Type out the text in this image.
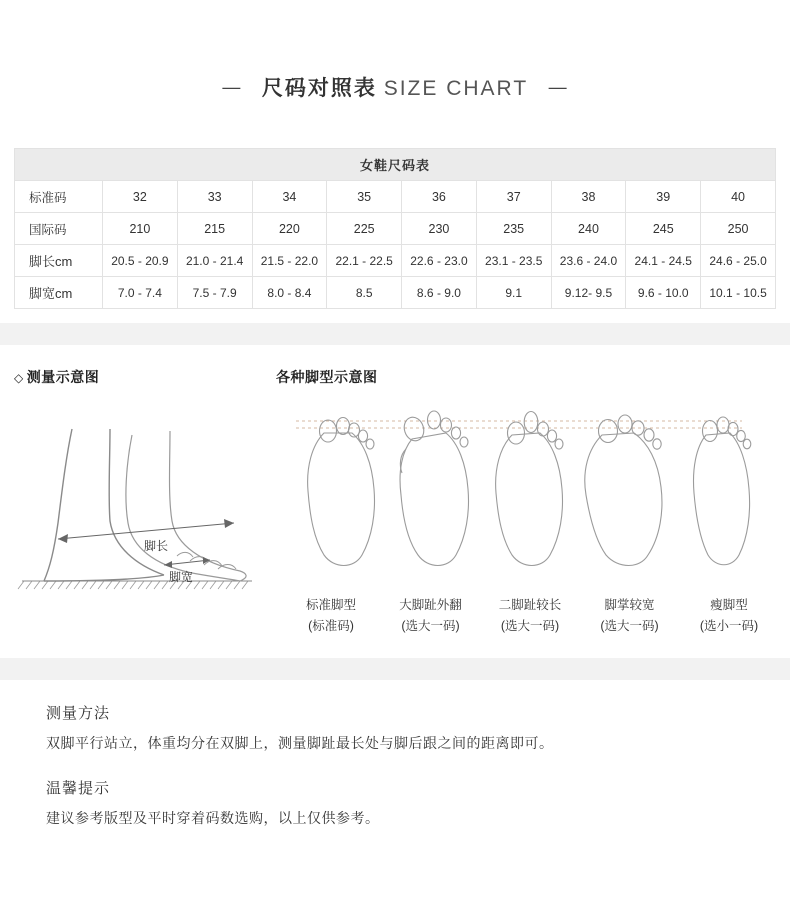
— 尺码对照表 SIZE CHART —
女鞋尺码表									
标准码	32	33	34	35	36	37	38	39	40
国际码	210	215	220	225	230	235	240	245	250
脚长cm	20.5 - 20.9	21.0 - 21.4	21.5 - 22.0	22.1 - 22.5	22.6 - 23.0	23.1 - 23.5	23.6 - 24.0	24.1 - 24.5	24.6 - 25.0
脚宽cm	7.0 - 7.4	7.5 - 7.9	8.0 - 8.4	8.5	8.6 - 9.0	9.1	9.12- 9.5	9.6 - 10.0	10.1 - 10.5
◇ 测量示意图	各种脚型示意图
脚长
脚宽
标准脚型
(标准码)
大脚趾外翻
(选大一码)
二脚趾较长
(选大一码)
脚掌较宽
(选大一码)
瘦脚型
(选小一码)
测量方法
双脚平行站立，体重均分在双脚上，测量脚趾最长处与脚后跟之间的距离即可。
温馨提示
建议参考版型及平时穿着码数选购，以上仅供参考。
